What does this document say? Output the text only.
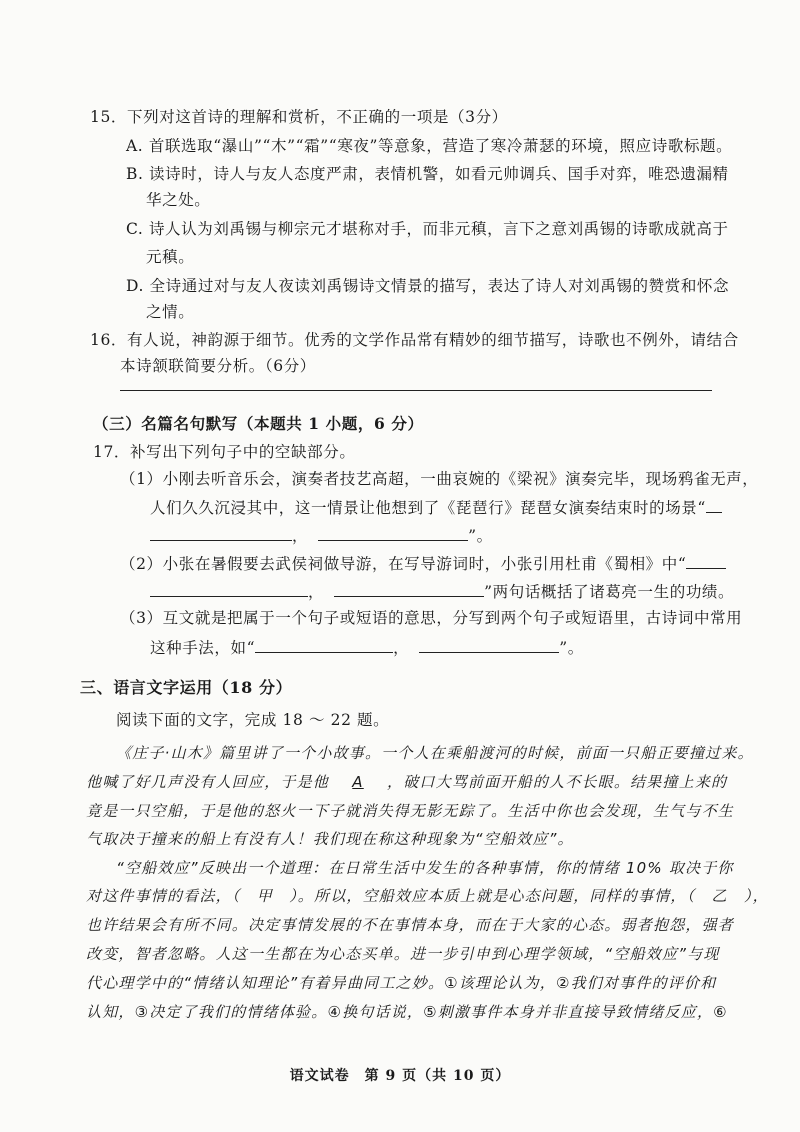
15．下列对这首诗的理解和赏析，不正确的一项是（3分）
A. 首联选取“瀑山”“木”“霜”“寒夜”等意象，营造了寒冷萧瑟的环境，照应诗歌标题。
B. 读诗时，诗人与友人态度严肃，表情机警，如看元帅调兵、国手对弈，唯恐遗漏精
华之处。
C. 诗人认为刘禹锡与柳宗元才堪称对手，而非元稹，言下之意刘禹锡的诗歌成就高于
元稹。
D. 全诗通过对与友人夜读刘禹锡诗文情景的描写，表达了诗人对刘禹锡的赞赏和怀念
之情。
16．有人说，神韵源于细节。优秀的文学作品常有精妙的细节描写，诗歌也不例外，请结合
本诗颔联简要分析。（6分）
（三）名篇名句默写（本题共 1 小题，6 分）
17．补写出下列句子中的空缺部分。
（1）小刚去听音乐会，演奏者技艺高超，一曲哀婉的《梁祝》演奏完毕，现场鸦雀无声，
人们久久沉浸其中，这一情景让他想到了《琵琶行》琵琶女演奏结束时的场景“
，	”。
（2）小张在暑假要去武侯祠做导游，在写导游词时，小张引用杜甫《蜀相》中“
，	”两句话概括了诸葛亮一生的功绩。
（3）互文就是把属于一个句子或短语的意思，分写到两个句子或短语里，古诗词中常用
这种手法，如“	，	”。
三、语言文字运用（18 分）
阅读下面的文字，完成 18 ～ 22 题。
《庄子·山木》篇里讲了一个小故事。一个人在乘船渡河的时候，前面一只船正要撞过来。
他喊了好几声没有人回应，于是他 A ，破口大骂前面开船的人不长眼。结果撞上来的
竟是一只空船，于是他的怒火一下子就消失得无影无踪了。生活中你也会发现，生气与不生
气取决于撞来的船上有没有人！我们现在称这种现象为“空船效应”。
“空船效应”反映出一个道理：在日常生活中发生的各种事情，你的情绪 10% 取决于你
对这件事情的看法，（　甲　）。所以，空船效应本质上就是心态问题，同样的事情，（　乙　），
也许结果会有所不同。决定事情发展的不在事情本身，而在于大家的心态。弱者抱怨，强者
改变，智者忽略。人这一生都在为心态买单。进一步引申到心理学领域，“空船效应”与现
代心理学中的“情绪认知理论”有着异曲同工之妙。①该理论认为，②我们对事件的评价和
认知，③决定了我们的情绪体验。④换句话说，⑤刺激事件本身并非直接导致情绪反应，⑥
语文试卷　第 9 页（共 10 页）
